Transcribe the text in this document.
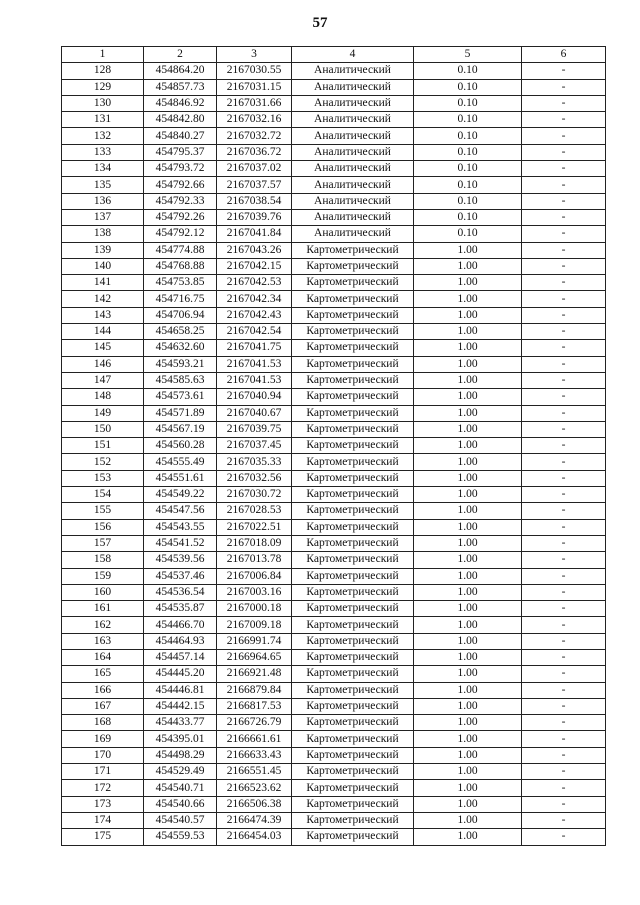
57
1	2	3	4	5	6
128	454864.20	2167030.55	Аналитический	0.10	-
129	454857.73	2167031.15	Аналитический	0.10	-
130	454846.92	2167031.66	Аналитический	0.10	-
131	454842.80	2167032.16	Аналитический	0.10	-
132	454840.27	2167032.72	Аналитический	0.10	-
133	454795.37	2167036.72	Аналитический	0.10	-
134	454793.72	2167037.02	Аналитический	0.10	-
135	454792.66	2167037.57	Аналитический	0.10	-
136	454792.33	2167038.54	Аналитический	0.10	-
137	454792.26	2167039.76	Аналитический	0.10	-
138	454792.12	2167041.84	Аналитический	0.10	-
139	454774.88	2167043.26	Картометрический	1.00	-
140	454768.88	2167042.15	Картометрический	1.00	-
141	454753.85	2167042.53	Картометрический	1.00	-
142	454716.75	2167042.34	Картометрический	1.00	-
143	454706.94	2167042.43	Картометрический	1.00	-
144	454658.25	2167042.54	Картометрический	1.00	-
145	454632.60	2167041.75	Картометрический	1.00	-
146	454593.21	2167041.53	Картометрический	1.00	-
147	454585.63	2167041.53	Картометрический	1.00	-
148	454573.61	2167040.94	Картометрический	1.00	-
149	454571.89	2167040.67	Картометрический	1.00	-
150	454567.19	2167039.75	Картометрический	1.00	-
151	454560.28	2167037.45	Картометрический	1.00	-
152	454555.49	2167035.33	Картометрический	1.00	-
153	454551.61	2167032.56	Картометрический	1.00	-
154	454549.22	2167030.72	Картометрический	1.00	-
155	454547.56	2167028.53	Картометрический	1.00	-
156	454543.55	2167022.51	Картометрический	1.00	-
157	454541.52	2167018.09	Картометрический	1.00	-
158	454539.56	2167013.78	Картометрический	1.00	-
159	454537.46	2167006.84	Картометрический	1.00	-
160	454536.54	2167003.16	Картометрический	1.00	-
161	454535.87	2167000.18	Картометрический	1.00	-
162	454466.70	2167009.18	Картометрический	1.00	-
163	454464.93	2166991.74	Картометрический	1.00	-
164	454457.14	2166964.65	Картометрический	1.00	-
165	454445.20	2166921.48	Картометрический	1.00	-
166	454446.81	2166879.84	Картометрический	1.00	-
167	454442.15	2166817.53	Картометрический	1.00	-
168	454433.77	2166726.79	Картометрический	1.00	-
169	454395.01	2166661.61	Картометрический	1.00	-
170	454498.29	2166633.43	Картометрический	1.00	-
171	454529.49	2166551.45	Картометрический	1.00	-
172	454540.71	2166523.62	Картометрический	1.00	-
173	454540.66	2166506.38	Картометрический	1.00	-
174	454540.57	2166474.39	Картометрический	1.00	-
175	454559.53	2166454.03	Картометрический	1.00	-
